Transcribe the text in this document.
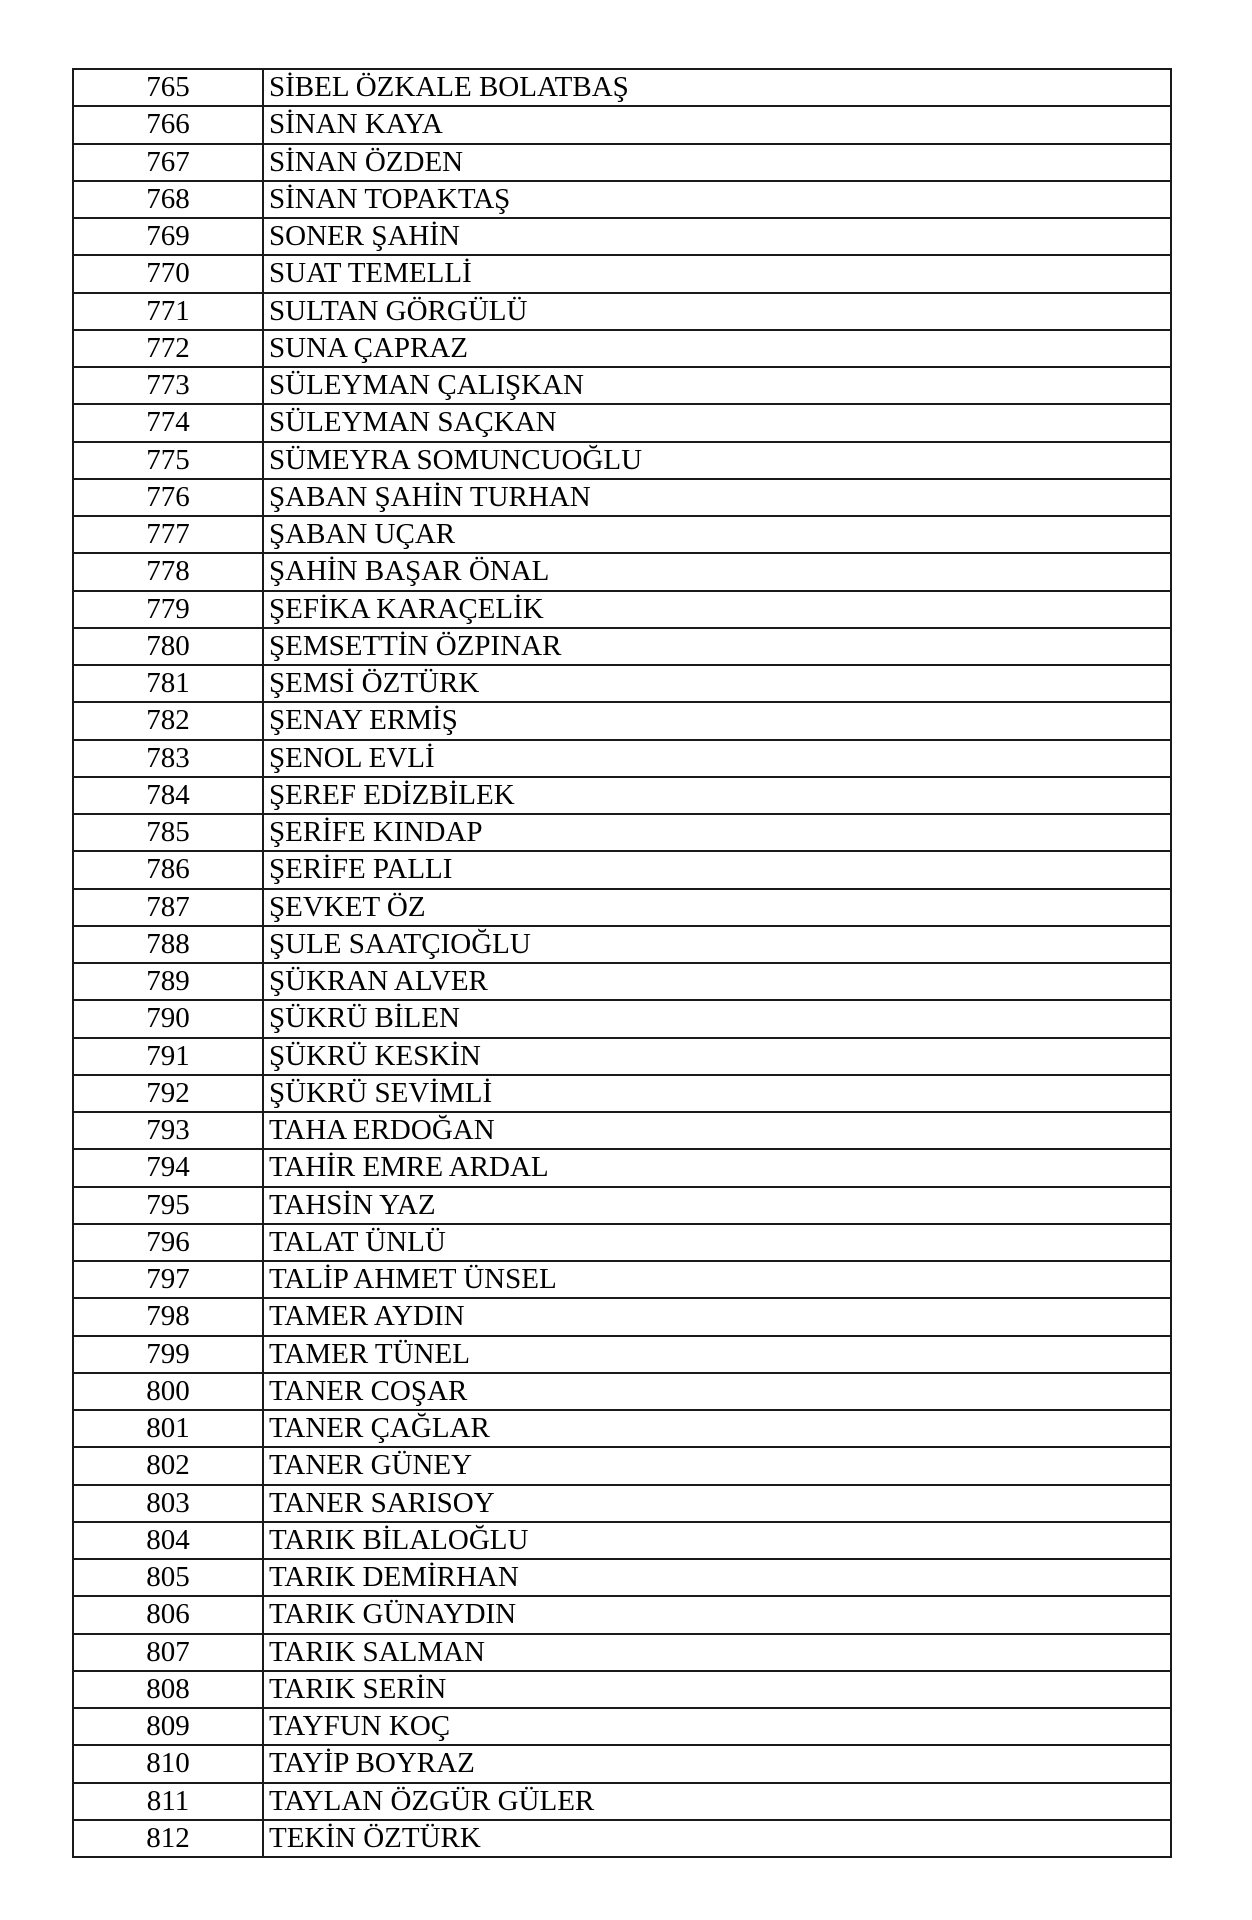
765	SİBEL ÖZKALE BOLATBAŞ
766	SİNAN KAYA
767	SİNAN ÖZDEN
768	SİNAN TOPAKTAŞ
769	SONER ŞAHİN
770	SUAT TEMELLİ
771	SULTAN GÖRGÜLÜ
772	SUNA ÇAPRAZ
773	SÜLEYMAN ÇALIŞKAN
774	SÜLEYMAN SAÇKAN
775	SÜMEYRA SOMUNCUOĞLU
776	ŞABAN ŞAHİN TURHAN
777	ŞABAN UÇAR
778	ŞAHİN BAŞAR ÖNAL
779	ŞEFİKA KARAÇELİK
780	ŞEMSETTİN ÖZPINAR
781	ŞEMSİ ÖZTÜRK
782	ŞENAY ERMİŞ
783	ŞENOL EVLİ
784	ŞEREF EDİZBİLEK
785	ŞERİFE KINDAP
786	ŞERİFE PALLI
787	ŞEVKET ÖZ
788	ŞULE SAATÇIOĞLU
789	ŞÜKRAN ALVER
790	ŞÜKRÜ BİLEN
791	ŞÜKRÜ KESKİN
792	ŞÜKRÜ SEVİMLİ
793	TAHA ERDOĞAN
794	TAHİR EMRE ARDAL
795	TAHSİN YAZ
796	TALAT ÜNLÜ
797	TALİP AHMET ÜNSEL
798	TAMER AYDIN
799	TAMER TÜNEL
800	TANER COŞAR
801	TANER ÇAĞLAR
802	TANER GÜNEY
803	TANER SARISOY
804	TARIK BİLALOĞLU
805	TARIK DEMİRHAN
806	TARIK GÜNAYDIN
807	TARIK SALMAN
808	TARIK SERİN
809	TAYFUN KOÇ
810	TAYİP BOYRAZ
811	TAYLAN ÖZGÜR GÜLER
812	TEKİN ÖZTÜRK
